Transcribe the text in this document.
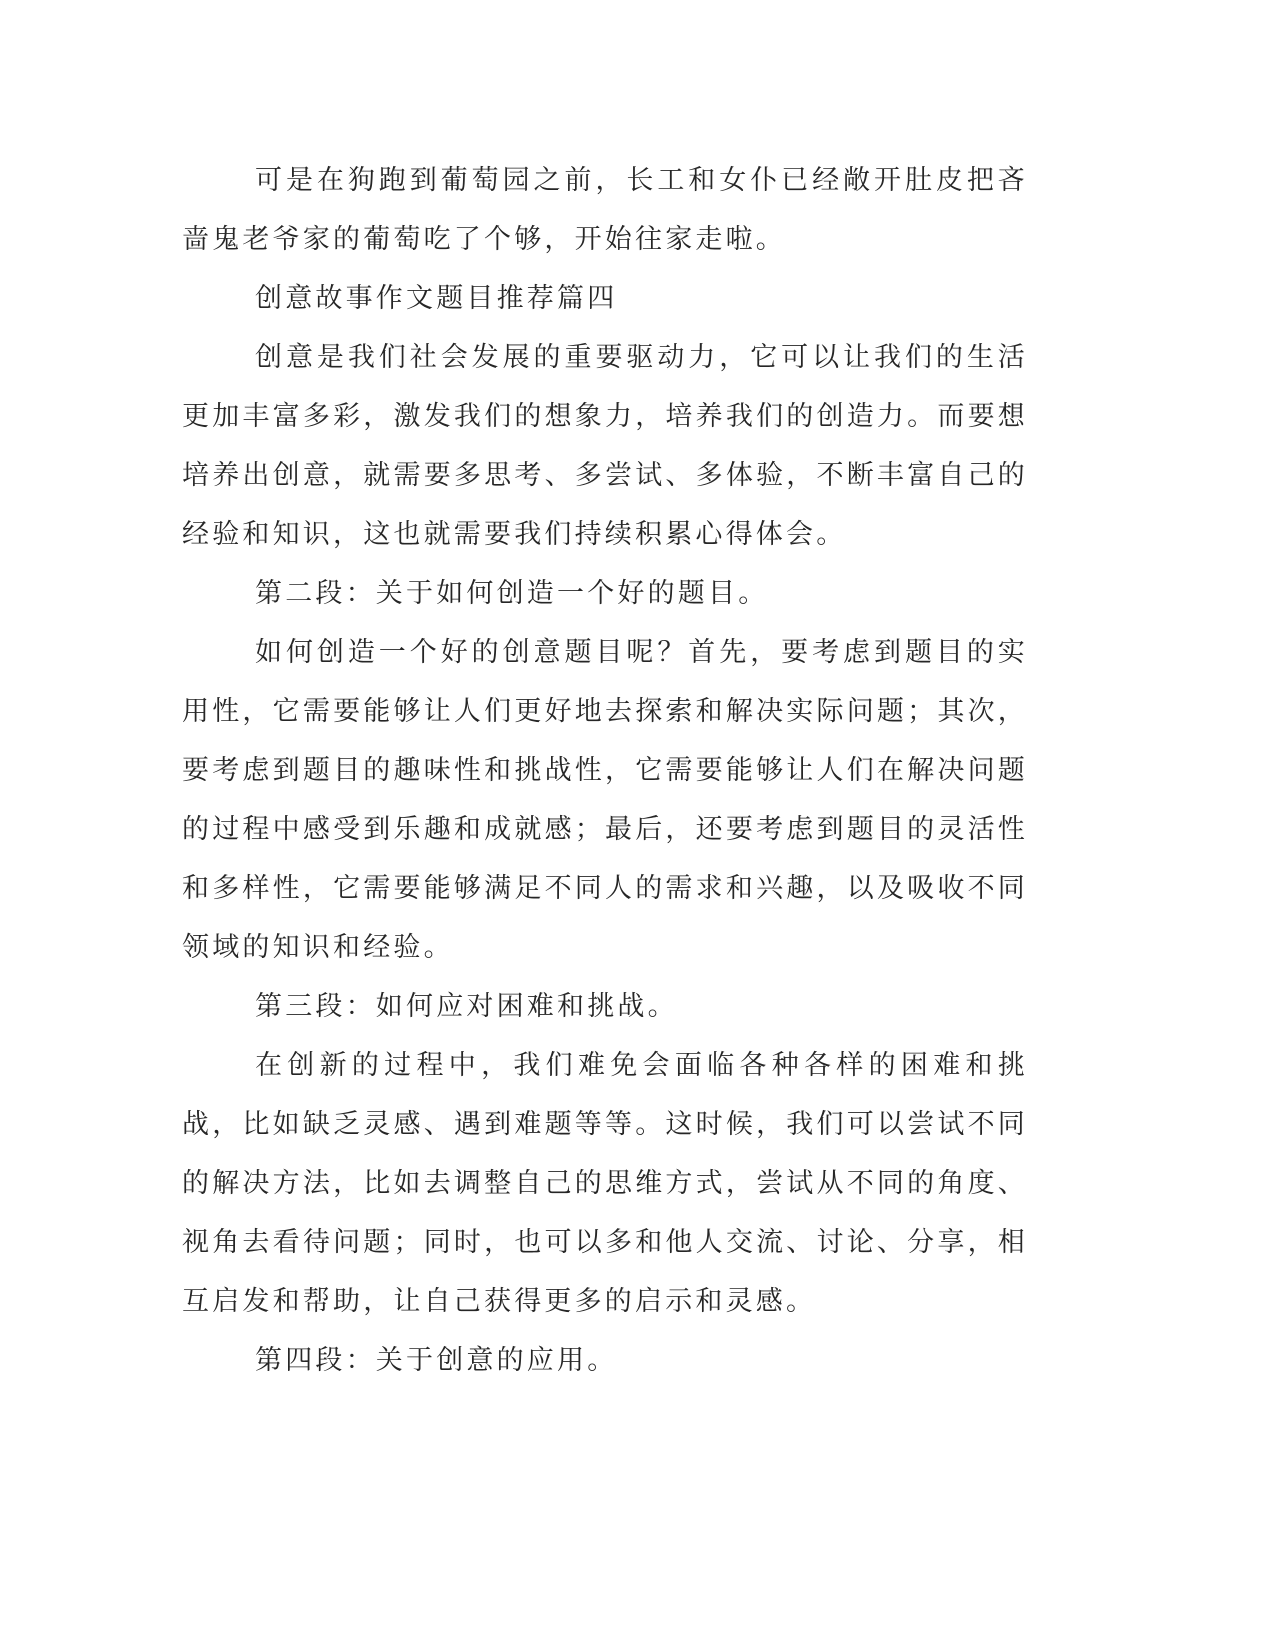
可是在狗跑到葡萄园之前，长工和女仆已经敞开肚皮把吝啬鬼老爷家的葡萄吃了个够，开始往家走啦。

创意故事作文题目推荐篇四

创意是我们社会发展的重要驱动力，它可以让我们的生活更加丰富多彩，激发我们的想象力，培养我们的创造力。而要想培养出创意，就需要多思考、多尝试、多体验，不断丰富自己的经验和知识，这也就需要我们持续积累心得体会。

第二段：关于如何创造一个好的题目。

如何创造一个好的创意题目呢？首先，要考虑到题目的实用性，它需要能够让人们更好地去探索和解决实际问题；其次，要考虑到题目的趣味性和挑战性，它需要能够让人们在解决问题的过程中感受到乐趣和成就感；最后，还要考虑到题目的灵活性和多样性，它需要能够满足不同人的需求和兴趣，以及吸收不同领域的知识和经验。

第三段：如何应对困难和挑战。

在创新的过程中，我们难免会面临各种各样的困难和挑战，比如缺乏灵感、遇到难题等等。这时候，我们可以尝试不同的解决方法，比如去调整自己的思维方式，尝试从不同的角度、视角去看待问题；同时，也可以多和他人交流、讨论、分享，相互启发和帮助，让自己获得更多的启示和灵感。

第四段：关于创意的应用。
